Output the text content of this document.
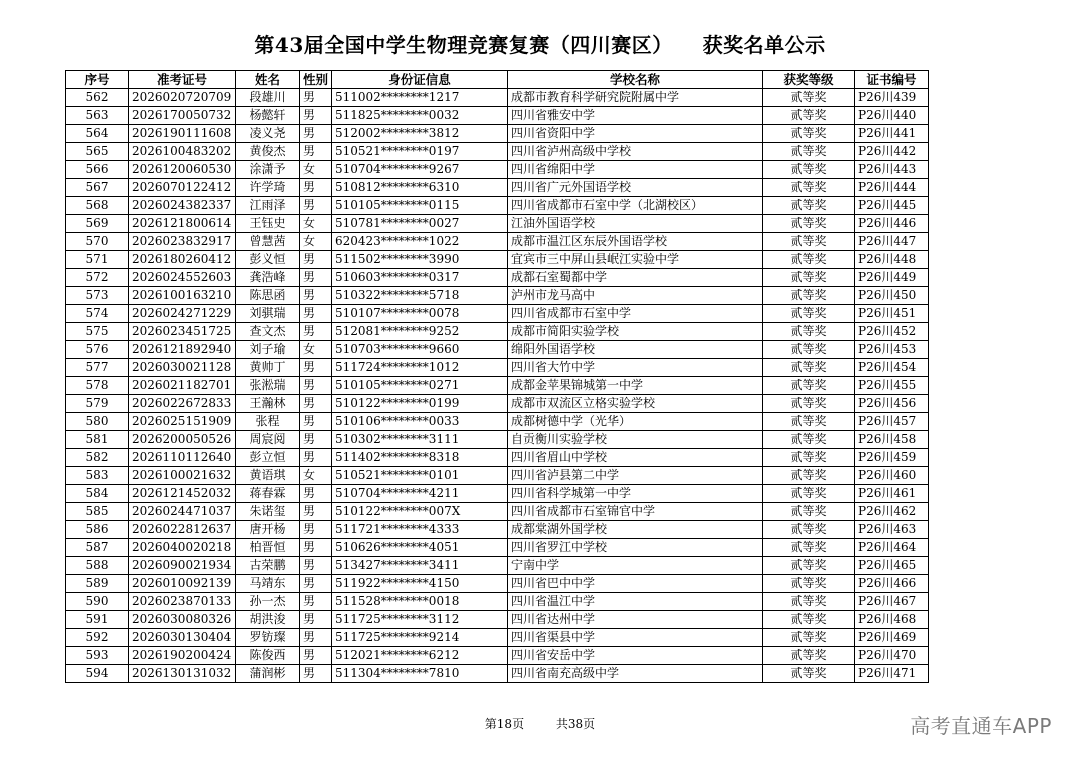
第43届全国中学生物理竞赛复赛（四川赛区）    获奖名单公示
序号	准考证号	姓名	性别	身份证信息	学校名称	获奖等级	证书编号
562	2026020720709	段雄川	男	511002********1217	成都市教育科学研究院附属中学	贰等奖	P26川439
563	2026170050732	杨懿轩	男	511825********0032	四川省雅安中学	贰等奖	P26川440
564	2026190111608	凌义尧	男	512002********3812	四川省资阳中学	贰等奖	P26川441
565	2026100483202	黄俊杰	男	510521********0197	四川省泸州高级中学校	贰等奖	P26川442
566	2026120060530	涂潇予	女	510704********9267	四川省绵阳中学	贰等奖	P26川443
567	2026070122412	许学琦	男	510812********6310	四川省广元外国语学校	贰等奖	P26川444
568	2026024382337	江雨泽	男	510105********0115	四川省成都市石室中学（北湖校区）	贰等奖	P26川445
569	2026121800614	王钰史	女	510781********0027	江油外国语学校	贰等奖	P26川446
570	2026023832917	曾慧茜	女	620423********1022	成都市温江区东辰外国语学校	贰等奖	P26川447
571	2026180260412	彭义恒	男	511502********3990	宜宾市三中屏山县岷江实验中学	贰等奖	P26川448
572	2026024552603	龚浩峰	男	510603********0317	成都石室蜀都中学	贰等奖	P26川449
573	2026100163210	陈思函	男	510322********5718	泸州市龙马高中	贰等奖	P26川450
574	2026024271229	刘骐瑞	男	510107********0078	四川省成都市石室中学	贰等奖	P26川451
575	2026023451725	查文杰	男	512081********9252	成都市简阳实验学校	贰等奖	P26川452
576	2026121892940	刘子瑜	女	510703********9660	绵阳外国语学校	贰等奖	P26川453
577	2026030021128	黄帅丁	男	511724********1012	四川省大竹中学	贰等奖	P26川454
578	2026021182701	张淞瑞	男	510105********0271	成都金苹果锦城第一中学	贰等奖	P26川455
579	2026022672833	王瀚林	男	510122********0199	成都市双流区立格实验学校	贰等奖	P26川456
580	2026025151909	张程	男	510106********0033	成都树德中学（光华）	贰等奖	P26川457
581	2026200050526	周宸阅	男	510302********3111	自贡衡川实验学校	贰等奖	P26川458
582	2026110112640	彭立恒	男	511402********8318	四川省眉山中学校	贰等奖	P26川459
583	2026100021632	黄语琪	女	510521********0101	四川省泸县第二中学	贰等奖	P26川460
584	2026121452032	蒋春霖	男	510704********4211	四川省科学城第一中学	贰等奖	P26川461
585	2026024471037	朱诺玺	男	510122********007X	四川省成都市石室锦官中学	贰等奖	P26川462
586	2026022812637	唐开杨	男	511721********4333	成都棠湖外国学校	贰等奖	P26川463
587	2026040020218	柏晋恒	男	510626********4051	四川省罗江中学校	贰等奖	P26川464
588	2026090021934	古荣鹏	男	513427********3411	宁南中学	贰等奖	P26川465
589	2026010092139	马靖东	男	511922********4150	四川省巴中中学	贰等奖	P26川466
590	2026023870133	孙一杰	男	511528********0018	四川省温江中学	贰等奖	P26川467
591	2026030080326	胡洪浚	男	511725********3112	四川省达州中学	贰等奖	P26川468
592	2026030130404	罗钫璨	男	511725********9214	四川省渠县中学	贰等奖	P26川469
593	2026190200424	陈俊西	男	512021********6212	四川省安岳中学	贰等奖	P26川470
594	2026130131032	蒲润彬	男	511304********7810	四川省南充高级中学	贰等奖	P26川471
第18页	共38页	高考直通车APP
